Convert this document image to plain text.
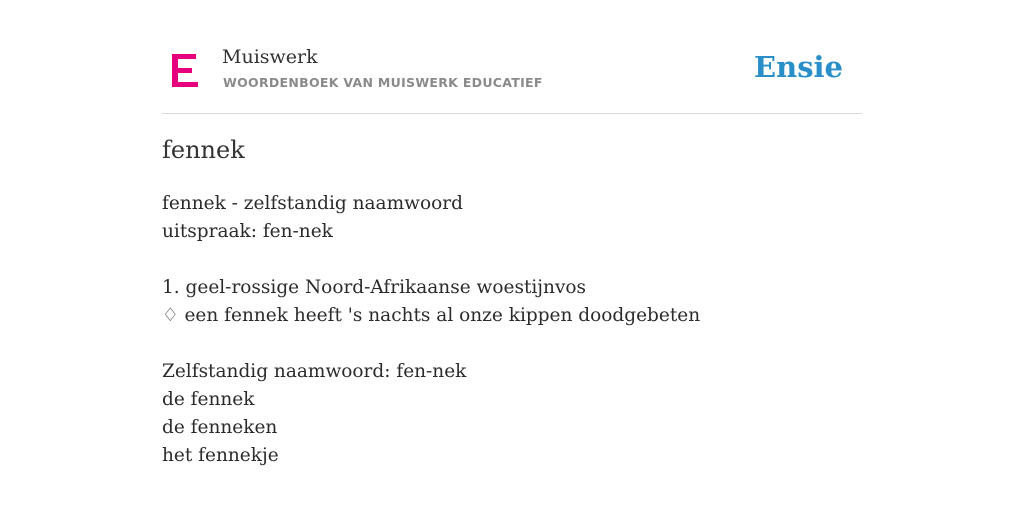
Muiswerk
WOORDENBOEK VAN MUISWERK EDUCATIEF	Ensie
fennek
fennek - zelfstandig naamwoord
uitspraak: fen-nek
1. geel-rossige Noord-Afrikaanse woestijnvos
♢ een fennek heeft 's nachts al onze kippen doodgebeten
Zelfstandig naamwoord: fen-nek
de fennek
de fenneken
het fennekje
